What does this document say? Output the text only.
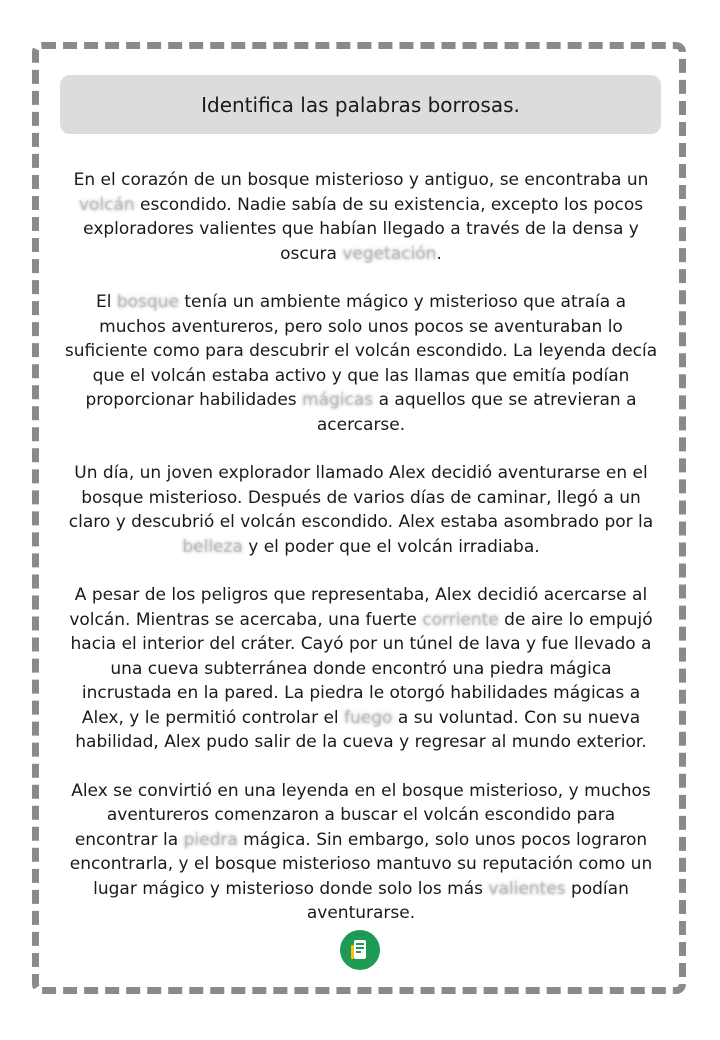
Identifica las palabras borrosas.

En el corazón de un bosque misterioso y antiguo, se encontraba un volcán escondido. Nadie sabía de su existencia, excepto los pocos exploradores valientes que habían llegado a través de la densa y oscura vegetación.

El bosque tenía un ambiente mágico y misterioso que atraía a muchos aventureros, pero solo unos pocos se aventuraban lo suficiente como para descubrir el volcán escondido. La leyenda decía que el volcán estaba activo y que las llamas que emitía podían proporcionar habilidades mágicas a aquellos que se atrevieran a acercarse.

Un día, un joven explorador llamado Alex decidió aventurarse en el bosque misterioso. Después de varios días de caminar, llegó a un claro y descubrió el volcán escondido. Alex estaba asombrado por la belleza y el poder que el volcán irradiaba.

A pesar de los peligros que representaba, Alex decidió acercarse al volcán. Mientras se acercaba, una fuerte corriente de aire lo empujó hacia el interior del cráter. Cayó por un túnel de lava y fue llevado a una cueva subterránea donde encontró una piedra mágica incrustada en la pared. La piedra le otorgó habilidades mágicas a Alex, y le permitió controlar el fuego a su voluntad. Con su nueva habilidad, Alex pudo salir de la cueva y regresar al mundo exterior.

Alex se convirtió en una leyenda en el bosque misterioso, y muchos aventureros comenzaron a buscar el volcán escondido para encontrar la piedra mágica. Sin embargo, solo unos pocos lograron encontrarla, y el bosque misterioso mantuvo su reputación como un lugar mágico y misterioso donde solo los más valientes podían aventurarse.
